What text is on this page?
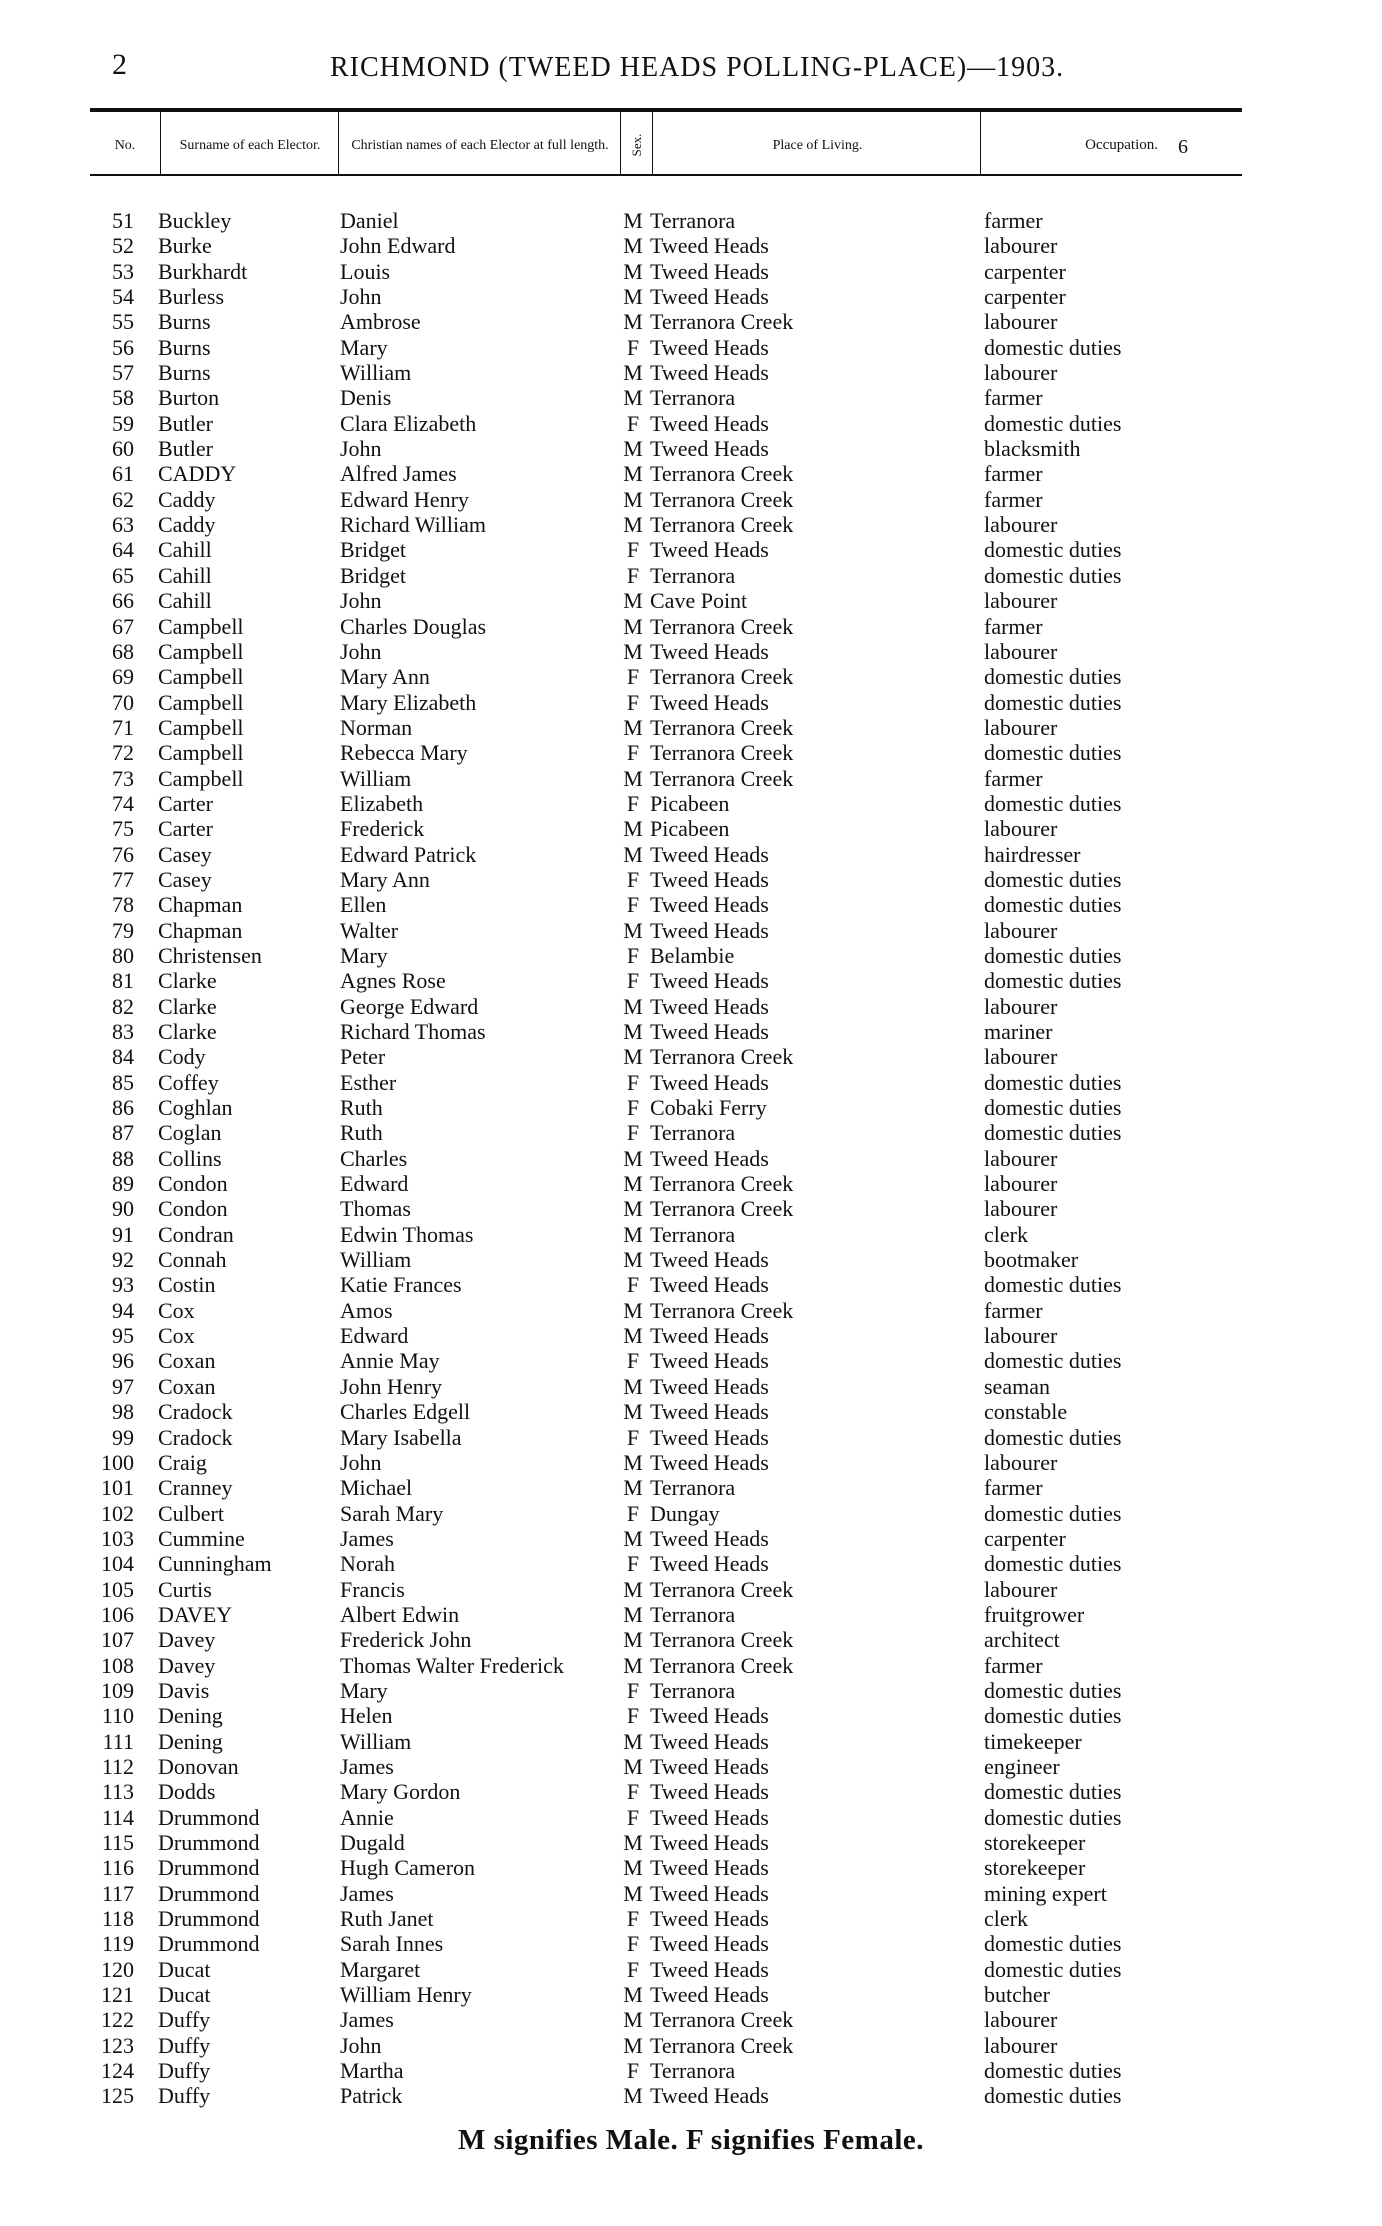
2	RICHMOND (TWEED HEADS POLLING-PLACE)—1903.
No.	Surname of each Elector.	Christian names of each Elector at full length.	Sex.	Place of Living.	Occupation. 6
51 Buckley	Daniel	M Terranora	farmer
52 Burke	John Edward	M Tweed Heads	labourer
53 Burkhardt	Louis	M Tweed Heads	carpenter
54 Burless	John	M Tweed Heads	carpenter
55 Burns	Ambrose	M Terranora Creek	labourer
56 Burns	Mary	F Tweed Heads	domestic duties
57 Burns	William	M Tweed Heads	labourer
58 Burton	Denis	M Terranora	farmer
59 Butler	Clara Elizabeth	F Tweed Heads	domestic duties
60 Butler	John	M Tweed Heads	blacksmith
61 CADDY	Alfred James	M Terranora Creek	farmer
62 Caddy	Edward Henry	M Terranora Creek	farmer
63 Caddy	Richard William	M Terranora Creek	labourer
64 Cahill	Bridget	F Tweed Heads	domestic duties
65 Cahill	Bridget	F Terranora	domestic duties
66 Cahill	John	M Cave Point	labourer
67 Campbell	Charles Douglas	M Terranora Creek	farmer
68 Campbell	John	M Tweed Heads	labourer
69 Campbell	Mary Ann	F Terranora Creek	domestic duties
70 Campbell	Mary Elizabeth	F Tweed Heads	domestic duties
71 Campbell	Norman	M Terranora Creek	labourer
72 Campbell	Rebecca Mary	F Terranora Creek	domestic duties
73 Campbell	William	M Terranora Creek	farmer
74 Carter	Elizabeth	F Picabeen	domestic duties
75 Carter	Frederick	M Picabeen	labourer
76 Casey	Edward Patrick	M Tweed Heads	hairdresser
77 Casey	Mary Ann	F Tweed Heads	domestic duties
78 Chapman	Ellen	F Tweed Heads	domestic duties
79 Chapman	Walter	M Tweed Heads	labourer
80 Christensen	Mary	F Belambie	domestic duties
81 Clarke	Agnes Rose	F Tweed Heads	domestic duties
82 Clarke	George Edward	M Tweed Heads	labourer
83 Clarke	Richard Thomas	M Tweed Heads	mariner
84 Cody	Peter	M Terranora Creek	labourer
85 Coffey	Esther	F Tweed Heads	domestic duties
86 Coghlan	Ruth	F Cobaki Ferry	domestic duties
87 Coglan	Ruth	F Terranora	domestic duties
88 Collins	Charles	M Tweed Heads	labourer
89 Condon	Edward	M Terranora Creek	labourer
90 Condon	Thomas	M Terranora Creek	labourer
91 Condran	Edwin Thomas	M Terranora	clerk
92 Connah	William	M Tweed Heads	bootmaker
93 Costin	Katie Frances	F Tweed Heads	domestic duties
94 Cox	Amos	M Terranora Creek	farmer
95 Cox	Edward	M Tweed Heads	labourer
96 Coxan	Annie May	F Tweed Heads	domestic duties
97 Coxan	John Henry	M Tweed Heads	seaman
98 Cradock	Charles Edgell	M Tweed Heads	constable
99 Cradock	Mary Isabella	F Tweed Heads	domestic duties
100 Craig	John	M Tweed Heads	labourer
101 Cranney	Michael	M Terranora	farmer
102 Culbert	Sarah Mary	F Dungay	domestic duties
103 Cummine	James	M Tweed Heads	carpenter
104 Cunningham	Norah	F Tweed Heads	domestic duties
105 Curtis	Francis	M Terranora Creek	labourer
106 DAVEY	Albert Edwin	M Terranora	fruitgrower
107 Davey	Frederick John	M Terranora Creek	architect
108 Davey	Thomas Walter Frederick	M Terranora Creek	farmer
109 Davis	Mary	F Terranora	domestic duties
110 Dening	Helen	F Tweed Heads	domestic duties
111 Dening	William	M Tweed Heads	timekeeper
112 Donovan	James	M Tweed Heads	engineer
113 Dodds	Mary Gordon	F Tweed Heads	domestic duties
114 Drummond	Annie	F Tweed Heads	domestic duties
115 Drummond	Dugald	M Tweed Heads	storekeeper
116 Drummond	Hugh Cameron	M Tweed Heads	storekeeper
117 Drummond	James	M Tweed Heads	mining expert
118 Drummond	Ruth Janet	F Tweed Heads	clerk
119 Drummond	Sarah Innes	F Tweed Heads	domestic duties
120 Ducat	Margaret	F Tweed Heads	domestic duties
121 Ducat	William Henry	M Tweed Heads	butcher
122 Duffy	James	M Terranora Creek	labourer
123 Duffy	John	M Terranora Creek	labourer
124 Duffy	Martha	F Terranora	domestic duties
125 Duffy	Patrick	M Tweed Heads	domestic duties
M signifies Male. F signifies Female.
